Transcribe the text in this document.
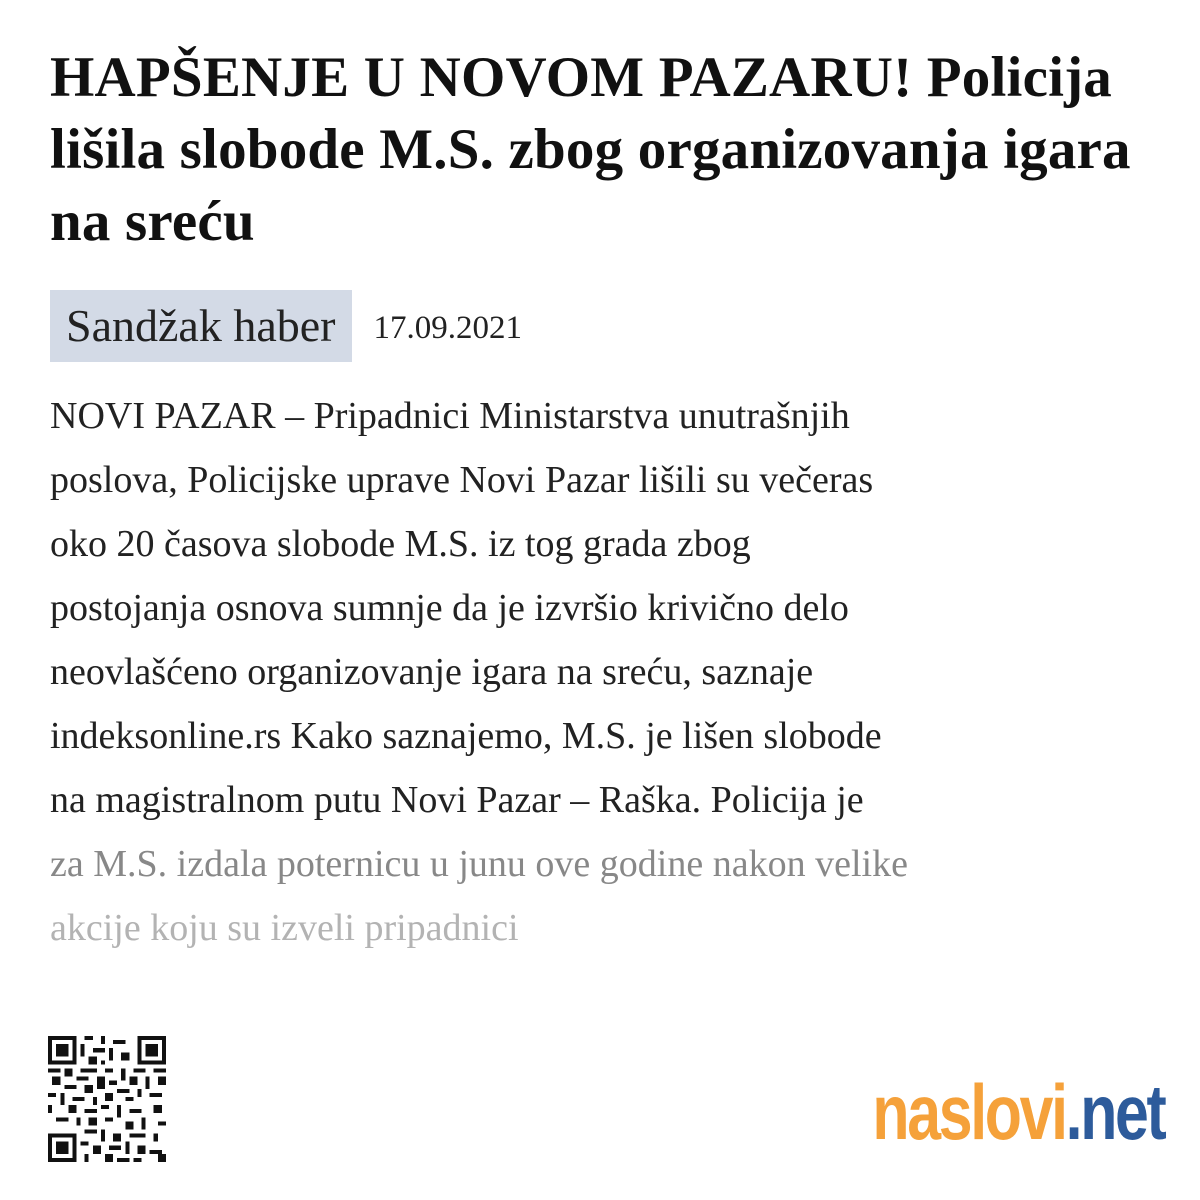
HAPŠENJE U NOVOM PAZARU! Policija lišila slobode M.S. zbog organizovanja igara na sreću
Sandžak haber	17.09.2021

NOVI PAZAR – Pripadnici Ministarstva unutrašnjih
poslova, Policijske uprave Novi Pazar lišili su večeras
oko 20 časova slobode M.S. iz tog grada zbog
postojanja osnova sumnje da je izvršio krivično delo
neovlašćeno organizovanje igara na sreću, saznaje
indeksonline.rs Kako saznajemo, M.S. je lišen slobode
na magistralnom putu Novi Pazar – Raška. Policija je
za M.S. izdala poternicu u junu ove godine nakon velike
akcije koju su izveli pripadnici

naslovi.net
